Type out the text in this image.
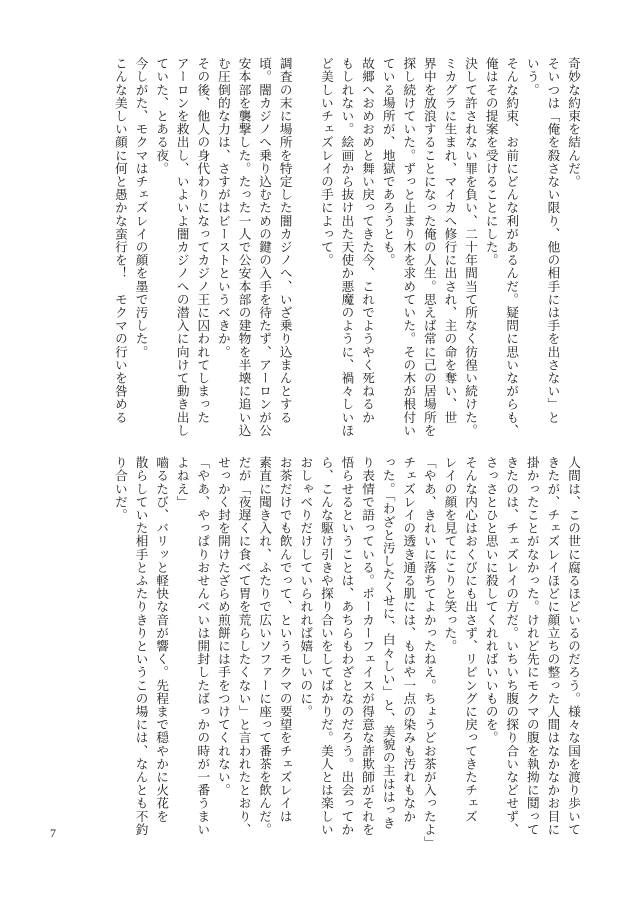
奇妙な約束を結んだ。

そいつは「俺を殺さない限り、他の相手には手を出さない」と

いう。

そんな約束、お前にどんな利があるんだ。疑問に思いながらも、

俺はその提案を受けることにした。

決して許されない罪を負い、二十年間当て所なく彷徨い続けた。

ミカグラに生まれ、マイカへ修行に出され、主の命を奪い、世

界中を放浪することになった俺の人生。思えば常に己の居場所を

探し続けていた。ずっと止まり木を求めていた。その木が根付い

ている場所が、地獄であろうとも。

故郷へおめおめと舞い戻ってきた今、これでようやく死ねるか

もしれない。絵画から抜け出た天使か悪魔のように、禍々しいほ

ど美しいチェズレイの手によって。

調査の末に場所を特定した闇カジノへ、いざ乗り込まんとする

頃。闇カジノへ乗り込むための鍵の入手を待たず、アーロンが公

安本部を襲撃した。たった一人で公安本部の建物を半壊に追い込

む圧倒的な力は、さすがはビーストというべきか。

その後、他人の身代わりになってカジノ王に囚われてしまった

アーロンを救出し、いよいよ闇カジノへの潜入に向けて動き出し

ていた、とある夜。

今しがた、モクマはチェズレイの顔を墨で汚した。

こんな美しい顔に何と愚かな蛮行を！　モクマの行いを咎める

人間は、この世に腐るほどいるのだろう。様々な国を渡り歩いて

きたが、チェズレイほどに顔立ちの整った人間はなかなかお目に

掛かったことがなかった。けれど先にモクマの腹を執拗に鬩って

きたのは、チェズレイの方だ。いちいち腹の探り合いなどせず、

さっさとひと思いに殺してくれればいいものを。

そんな内心はおくびにも出さず、リビングに戻ってきたチェズ

レイの顔を見てにこりと笑った。

「やあ、きれいに落ちてよかったねえ。ちょうどお茶が入ったよ」

チェズレイの透き通る肌には、もはや一点の染みも汚れもなか

った。「わざと汚したくせに、白々しい」と、美貌の主ははっき

り表情で語っている。ポーカーフェイスが得意な詐欺師がそれを

悟らせるということは、あちらもわざとなのだろう。出会ってか

ら、こんな駆け引きや探り合いをしてばかりだ。美人とは楽しい

おしゃべりだけしていられれば嬉しいのに。

お茶だけでも飲んでって、というモクマの要望をチェズレイは

素直に聞き入れ、ふたりで広いソファーに座って番茶を飲んだ。

だが「夜遅くに食べて胃を荒らしたくない」と言われたとおり、

せっかく封を開けたざらめ煎餅には手をつけてくれない。

「やあ、やっぱりおせんべいは開封したばっかの時が一番うまい

よねえ」

嚙るたび、バリッと軽快な音が響く。先程まで穏やかに火花を

散らしていた相手とふたりきりというこの場には、なんとも不釣

り合いだ。

7
